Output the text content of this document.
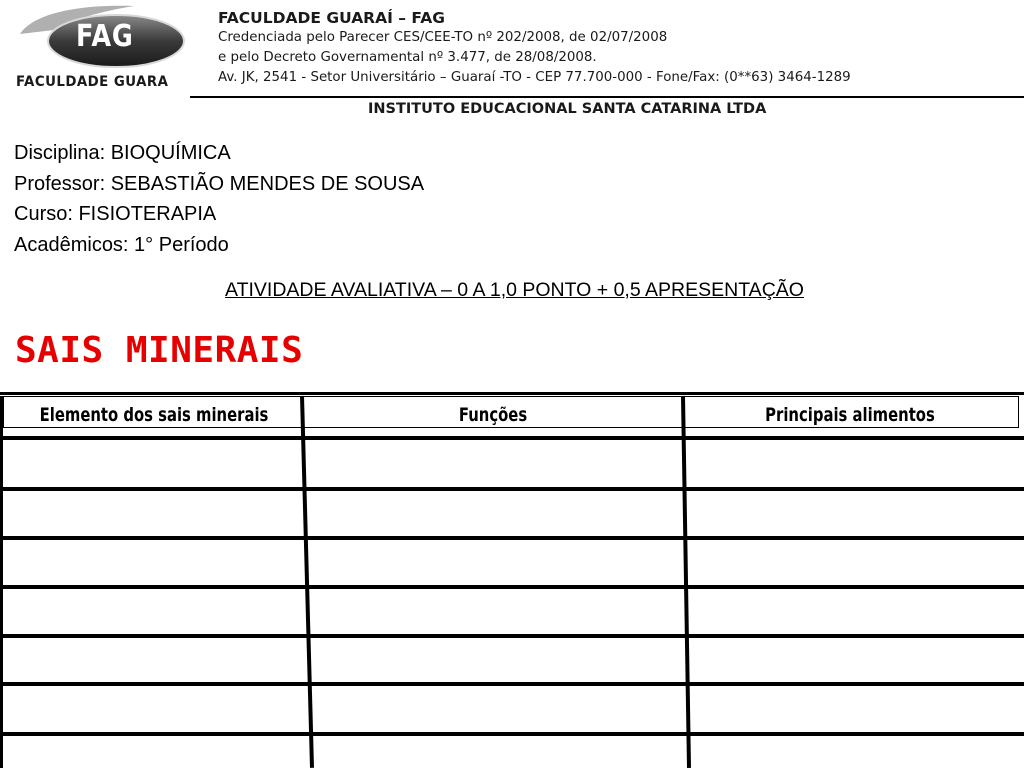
FAG
FACULDADE GUARA
FACULDADE GUARAÍ – FAG
Credenciada pelo Parecer CES/CEE-TO nº 202/2008, de 02/07/2008
e pelo Decreto Governamental nº 3.477, de 28/08/2008.
Av. JK, 2541 - Setor Universitário – Guaraí -TO - CEP 77.700-000 - Fone/Fax: (0**63) 3464-1289
INSTITUTO EDUCACIONAL SANTA CATARINA LTDA
Disciplina: BIOQUÍMICA
Professor: SEBASTIÃO MENDES DE SOUSA
Curso: FISIOTERAPIA
Acadêmicos: 1° Período
ATIVIDADE AVALIATIVA – 0 A 1,0 PONTO + 0,5 APRESENTAÇÃO
SAIS MINERAIS
Elemento dos sais minerais	Funções	Principais alimentos
